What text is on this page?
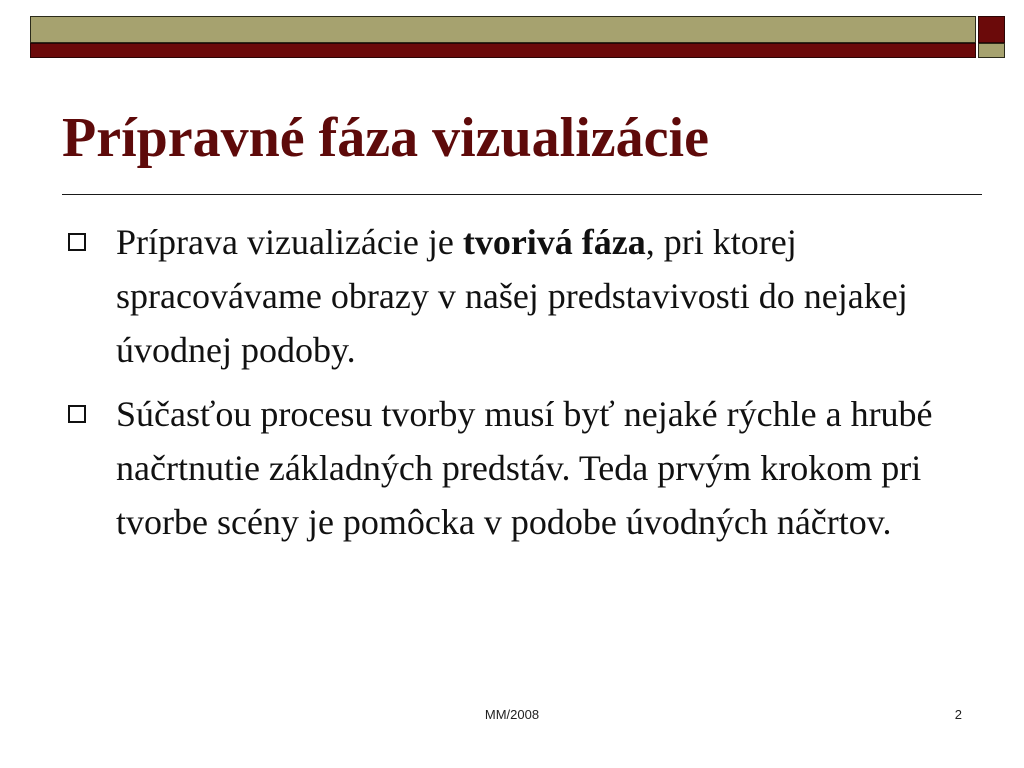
Prípravné fáza vizualizácie
Príprava vizualizácie je tvorivá fáza, pri ktorej spracovávame obrazy v našej predstavivosti do nejakej úvodnej podoby.
Súčasťou procesu tvorby musí byť nejaké rýchle a hrubé načrtnutie základných predstáv. Teda prvým krokom pri tvorbe scény je pomôcka v podobe úvodných náčrtov.
MM/2008	2
